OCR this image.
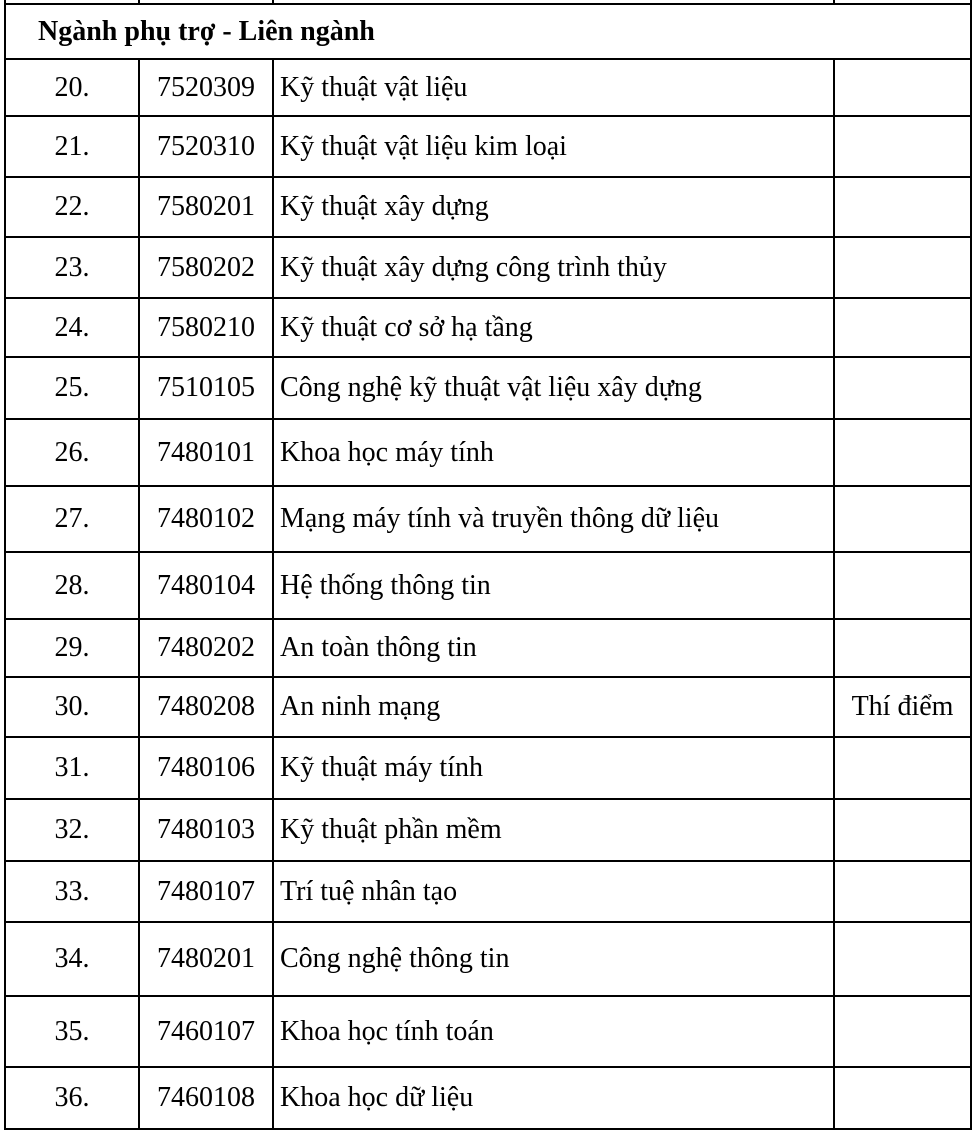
Ngành phụ trợ - Liên ngành			
20.	7520309	Kỹ thuật vật liệu	
21.	7520310	Kỹ thuật vật liệu kim loại	
22.	7580201	Kỹ thuật xây dựng	
23.	7580202	Kỹ thuật xây dựng công trình thủy	
24.	7580210	Kỹ thuật cơ sở hạ tầng	
25.	7510105	Công nghệ kỹ thuật vật liệu xây dựng	
26.	7480101	Khoa học máy tính	
27.	7480102	Mạng máy tính và truyền thông dữ liệu	
28.	7480104	Hệ thống thông tin	
29.	7480202	An toàn thông tin	
30.	7480208	An ninh mạng	Thí điểm
31.	7480106	Kỹ thuật máy tính	
32.	7480103	Kỹ thuật phần mềm	
33.	7480107	Trí tuệ nhân tạo	
34.	7480201	Công nghệ thông tin	
35.	7460107	Khoa học tính toán	
36.	7460108	Khoa học dữ liệu	
